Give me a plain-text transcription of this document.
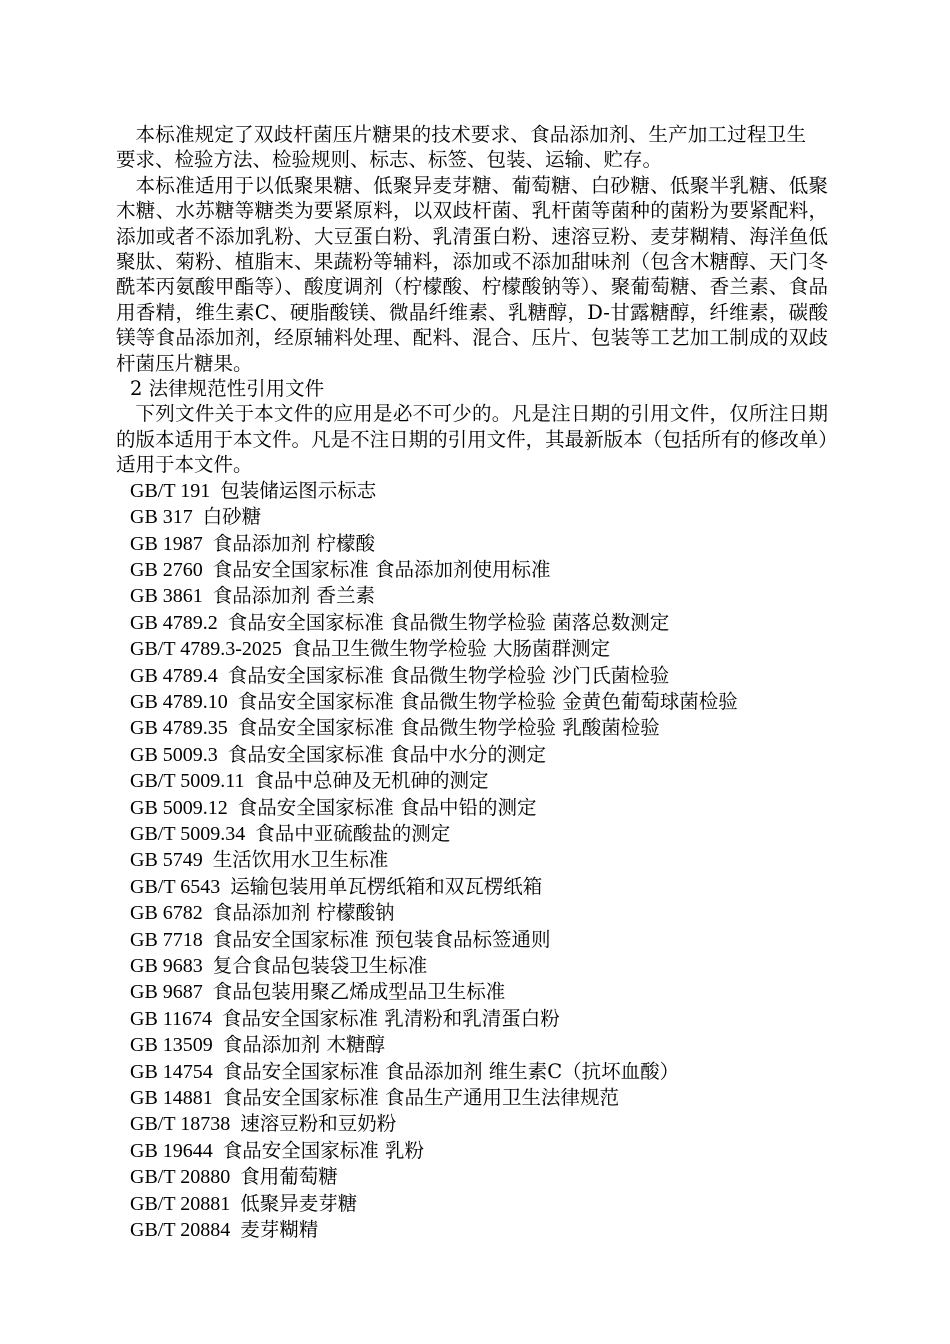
本标准规定了双歧杆菌压片糖果的技术要求、食品添加剂、生产加工过程卫生要求、检验方法、检验规则、标志、标签、包装、运输、贮存。

本标准适用于以低聚果糖、低聚异麦芽糖、葡萄糖、白砂糖、低聚半乳糖、低聚木糖、水苏糖等糖类为要紧原料，以双歧杆菌、乳杆菌等菌种的菌粉为要紧配料，添加或者不添加乳粉、大豆蛋白粉、乳清蛋白粉、速溶豆粉、麦芽糊精、海洋鱼低聚肽、菊粉、植脂末、果蔬粉等辅料，添加或不添加甜味剂（包含木糖醇、天门冬酰苯丙氨酸甲酯等）、酸度调剂（柠檬酸、柠檬酸钠等）、聚葡萄糖、香兰素、食品用香精，维生素C、硬脂酸镁、微晶纤维素、乳糖醇，D-甘露糖醇，纤维素，碳酸镁等食品添加剂，经原辅料处理、配料、混合、压片、包装等工艺加工制成的双歧杆菌压片糖果。

2 法律规范性引用文件

下列文件关于本文件的应用是必不可少的。凡是注日期的引用文件，仅所注日期的版本适用于本文件。凡是不注日期的引用文件，其最新版本（包括所有的修改单）适用于本文件。

GB/T 191 包装储运图示标志
GB 317 白砂糖
GB 1987 食品添加剂 柠檬酸
GB 2760 食品安全国家标准 食品添加剂使用标准
GB 3861 食品添加剂 香兰素
GB 4789.2 食品安全国家标准 食品微生物学检验 菌落总数测定
GB/T 4789.3-2025 食品卫生微生物学检验 大肠菌群测定
GB 4789.4 食品安全国家标准 食品微生物学检验 沙门氏菌检验
GB 4789.10 食品安全国家标准 食品微生物学检验 金黄色葡萄球菌检验
GB 4789.35 食品安全国家标准 食品微生物学检验 乳酸菌检验
GB 5009.3 食品安全国家标准 食品中水分的测定
GB/T 5009.11 食品中总砷及无机砷的测定
GB 5009.12 食品安全国家标准 食品中铅的测定
GB/T 5009.34 食品中亚硫酸盐的测定
GB 5749 生活饮用水卫生标准
GB/T 6543 运输包装用单瓦楞纸箱和双瓦楞纸箱
GB 6782 食品添加剂 柠檬酸钠
GB 7718 食品安全国家标准 预包装食品标签通则
GB 9683 复合食品包装袋卫生标准
GB 9687 食品包装用聚乙烯成型品卫生标准
GB 11674 食品安全国家标准 乳清粉和乳清蛋白粉
GB 13509 食品添加剂 木糖醇
GB 14754 食品安全国家标准 食品添加剂 维生素C（抗坏血酸）
GB 14881 食品安全国家标准 食品生产通用卫生法律规范
GB/T 18738 速溶豆粉和豆奶粉
GB 19644 食品安全国家标准 乳粉
GB/T 20880 食用葡萄糖
GB/T 20881 低聚异麦芽糖
GB/T 20884 麦芽糊精
